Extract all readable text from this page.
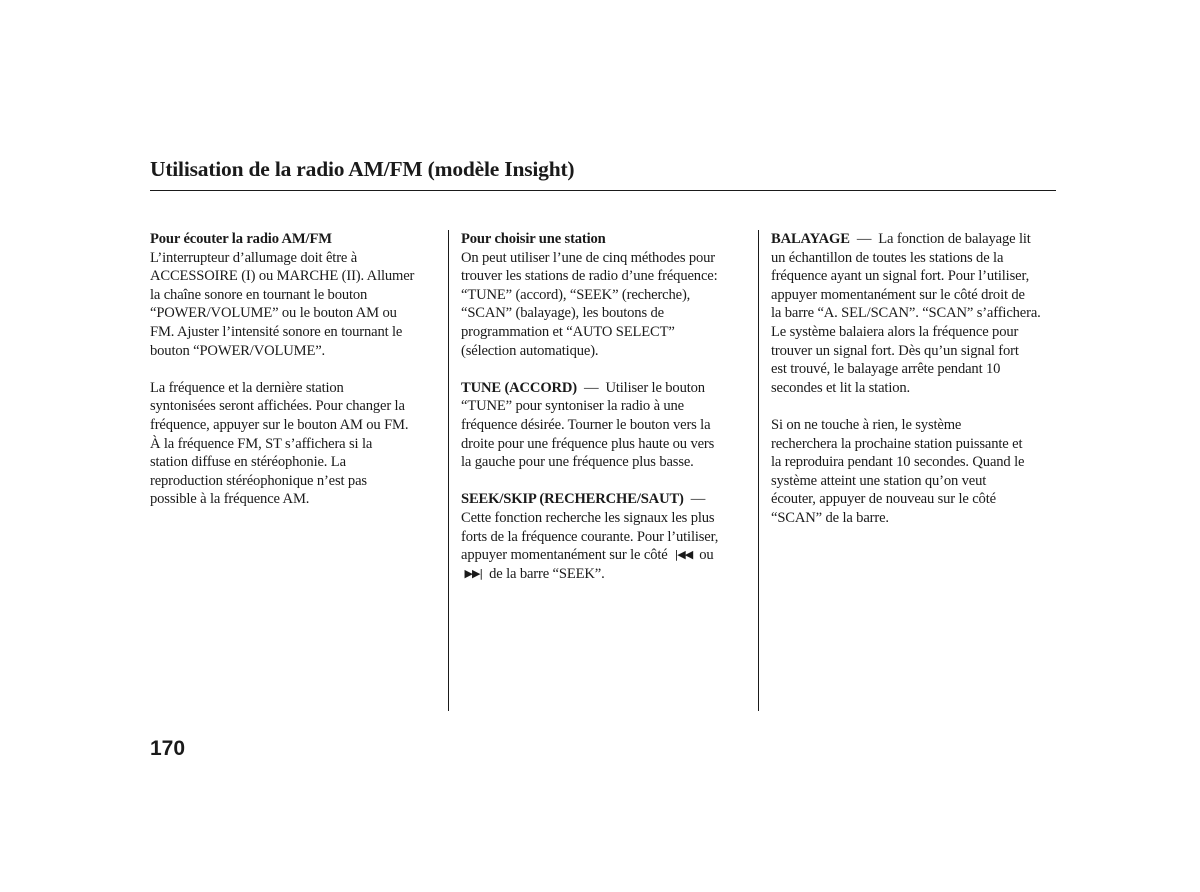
Utilisation de la radio AM/FM (modèle Insight)

Pour écouter la radio AM/FM
L’interrupteur d’allumage doit être à
ACCESSOIRE (I) ou MARCHE (II). Allumer
la chaîne sonore en tournant le bouton
“POWER/VOLUME” ou le bouton AM ou
FM. Ajuster l’intensité sonore en tournant le
bouton “POWER/VOLUME”.

La fréquence et la dernière station
syntonisées seront affichées. Pour changer la
fréquence, appuyer sur le bouton AM ou FM.
À la fréquence FM, ST s’affichera si la
station diffuse en stéréophonie. La
reproduction stéréophonique n’est pas
possible à la fréquence AM.

Pour choisir une station
On peut utiliser l’une de cinq méthodes pour
trouver les stations de radio d’une fréquence:
“TUNE” (accord), “SEEK” (recherche),
“SCAN” (balayage), les boutons de
programmation et “AUTO SELECT”
(sélection automatique).

TUNE (ACCORD) — Utiliser le bouton
“TUNE” pour syntoniser la radio à une
fréquence désirée. Tourner le bouton vers la
droite pour une fréquence plus haute ou vers
la gauche pour une fréquence plus basse.

SEEK/SKIP (RECHERCHE/SAUT) —
Cette fonction recherche les signaux les plus
forts de la fréquence courante. Pour l’utiliser,
appuyer momentanément sur le côté |◀◀ ou
▶▶| de la barre “SEEK”.

BALAYAGE — La fonction de balayage lit
un échantillon de toutes les stations de la
fréquence ayant un signal fort. Pour l’utiliser,
appuyer momentanément sur le côté droit de
la barre “A. SEL/SCAN”. “SCAN” s’affichera.
Le système balaiera alors la fréquence pour
trouver un signal fort. Dès qu’un signal fort
est trouvé, le balayage arrête pendant 10
secondes et lit la station.

Si on ne touche à rien, le système
recherchera la prochaine station puissante et
la reproduira pendant 10 secondes. Quand le
système atteint une station qu’on veut
écouter, appuyer de nouveau sur le côté
“SCAN” de la barre.

170
